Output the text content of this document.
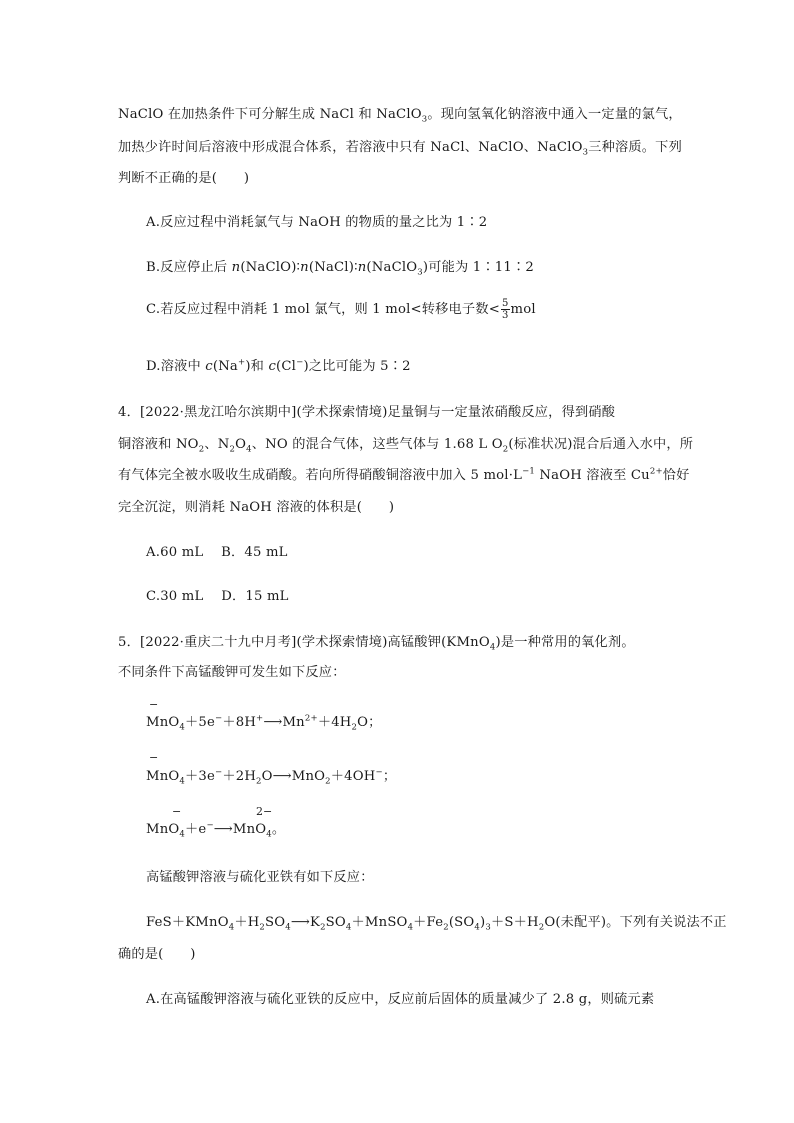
NaClO 在加热条件下可分解生成 NaCl 和 NaClO$_3$。现向氢氧化钠溶液中通入一定量的氯气，
加热少许时间后溶液中形成混合体系，若溶液中只有 NaCl、NaClO、NaClO$_3$三种溶质。下列
判断不正确的是(　　)
A.反应过程中消耗氯气与 NaOH 的物质的量之比为 1∶2
B.反应停止后 n(NaClO)∶n(NaCl)∶n(NaClO$_3$)可能为 1∶11∶2
C.若反应过程中消耗 1 mol 氯气，则 1 mol<转移电子数< $\frac{5}{3}$ mol
D.溶液中 c(Na+)和 c(Cl−)之比可能为 5∶2
4．[2022·黑龙江哈尔滨期中](学术探索情境)足量铜与一定量浓硝酸反应，得到硝酸
铜溶液和 $NO_2$、$N_2O_4$、NO 的混合气体，这些气体与 1.68 L $O_2$(标准状况)混合后通入水中，所
有气体完全被水吸收生成硝酸。若向所得硝酸铜溶液中加入 5 $mol\cdot L^{-1}$ NaOH 溶液至 $Cu^{2+}$恰好
完全沉淀，则消耗 NaOH 溶液的体积是(　　)
A.60 mL　 B．45 mL
C.30 mL　 D．15 mL
5．[2022·重庆二十九中月考](学术探索情境)高锰酸钾(KMnO$_4$)是一种常用的氧化剂。
不同条件下高锰酸钾可发生如下反应：
−
$MnO_4+5e^-+8H^+⟶Mn^{2+}+4H_2O$；
−
$MnO_4+3e^-+2H_2O⟶MnO_2+4OH^-$；
−	2−
MnO$_4$＋e−⟶MnO$_4$。
高锰酸钾溶液与硫化亚铁有如下反应：
$FeS+KMnO_4+H_2SO_4⟶K_2SO_4+MnSO_4+Fe_2(SO_4)_3+S+H_2O$(未配平)。下列有关说法不正
确的是(　　)
A.在高锰酸钾溶液与硫化亚铁的反应中，反应前后固体的质量减少了 2.8 g，则硫元素
